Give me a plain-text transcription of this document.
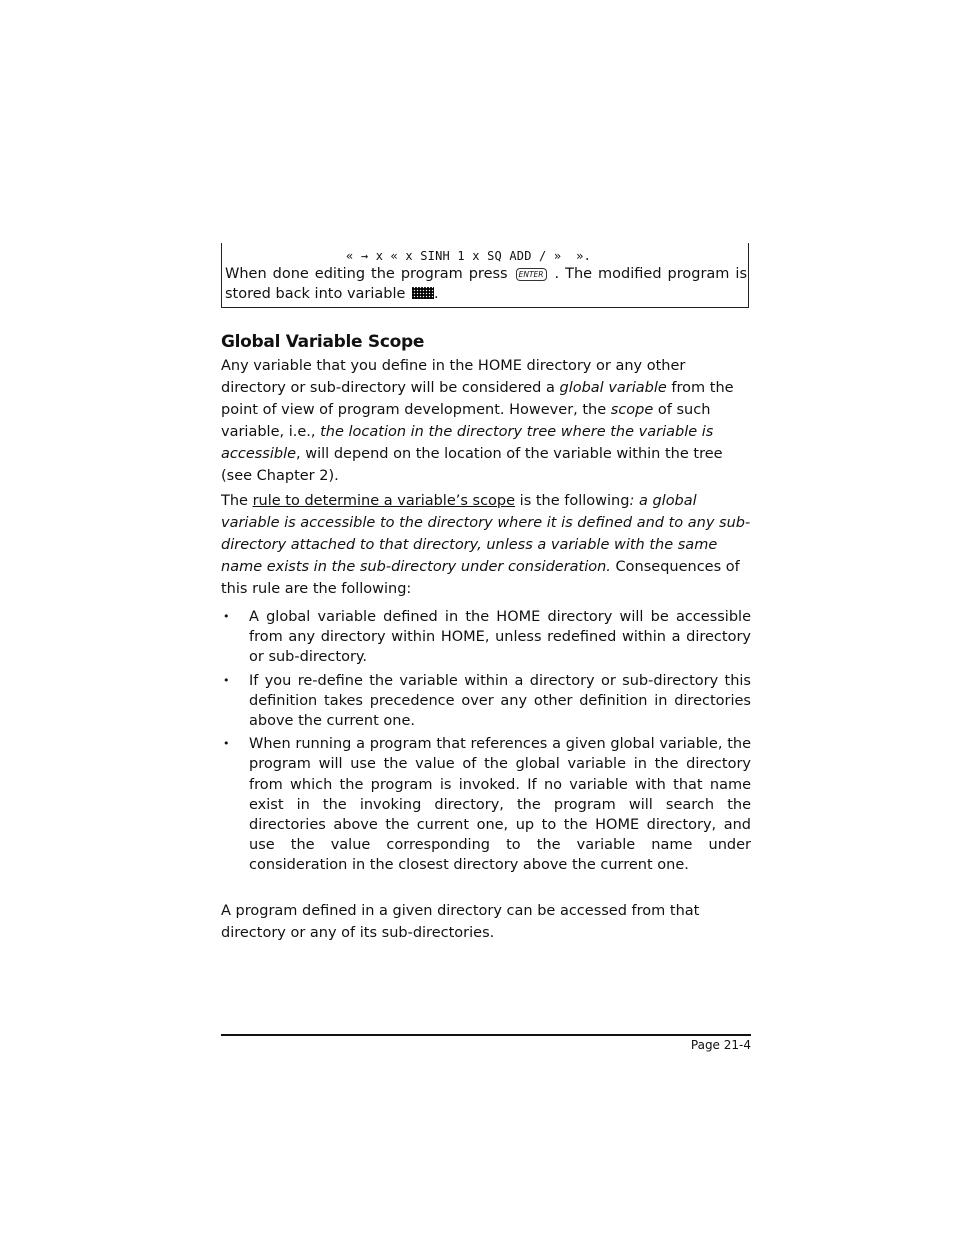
« → x « x SINH 1 x SQ ADD / »  ».
When done editing the program press ENTER . The modified program is stored back into variable .
Global Variable Scope

Any variable that you define in the HOME directory or any other directory or sub-directory will be considered a global variable from the point of view of program development. However, the scope of such variable, i.e., the location in the directory tree where the variable is accessible, will depend on the location of the variable within the tree (see Chapter 2).

The rule to determine a variable’s scope is the following: a global variable is accessible to the directory where it is defined and to any sub-directory attached to that directory, unless a variable with the same name exists in the sub-directory under consideration. Consequences of this rule are the following:

• A global variable defined in the HOME directory will be accessible from any directory within HOME, unless redefined within a directory or sub-directory.
• If you re-define the variable within a directory or sub-directory this definition takes precedence over any other definition in directories above the current one.
• When running a program that references a given global variable, the program will use the value of the global variable in the directory from which the program is invoked. If no variable with that name exist in the invoking directory, the program will search the directories above the current one, up to the HOME directory, and use the value corresponding to the variable name under consideration in the closest directory above the current one.

A program defined in a given directory can be accessed from that directory or any of its sub-directories.

Page 21-4
